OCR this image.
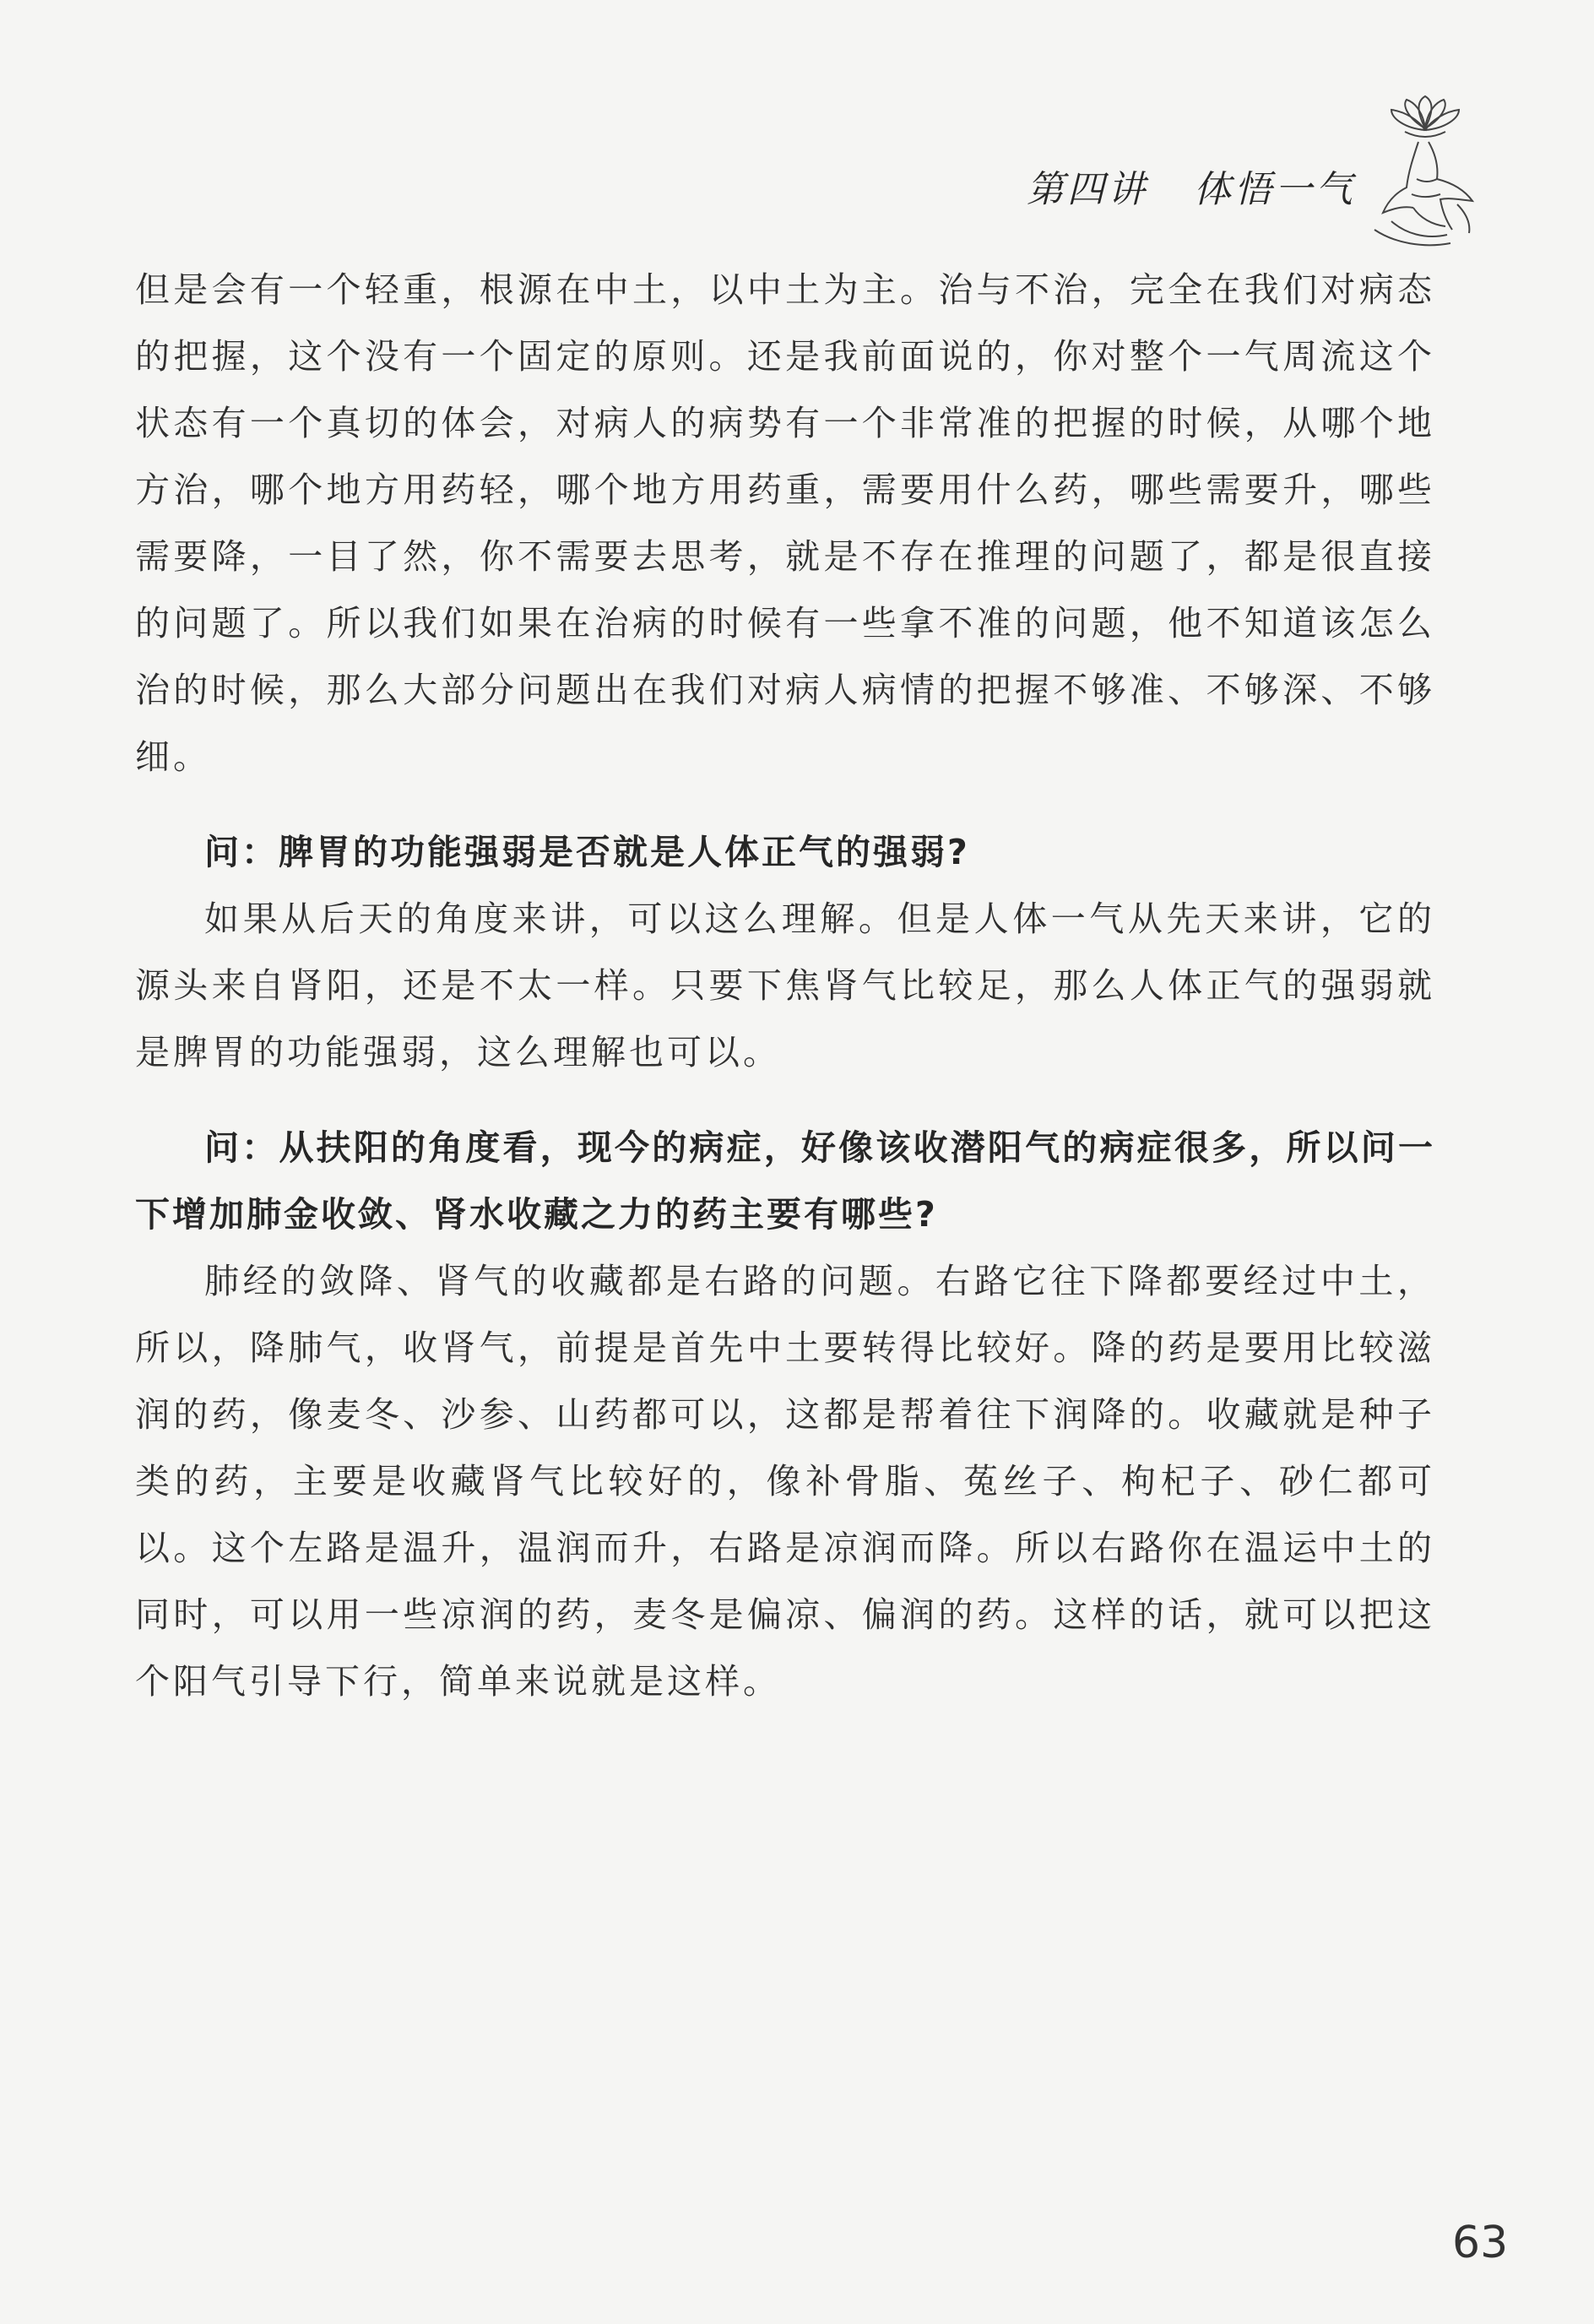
第四讲 体悟一气

但是会有一个轻重，根源在中土，以中土为主。治与不治，完全在我们对病态的把握，这个没有一个固定的原则。还是我前面说的，你对整个一气周流这个状态有一个真切的体会，对病人的病势有一个非常准的把握的时候，从哪个地方治，哪个地方用药轻，哪个地方用药重，需要用什么药，哪些需要升，哪些需要降，一目了然，你不需要去思考，就是不存在推理的问题了，都是很直接的问题了。所以我们如果在治病的时候有一些拿不准的问题，他不知道该怎么治的时候，那么大部分问题出在我们对病人病情的把握不够准、不够深、不够细。

问：脾胃的功能强弱是否就是人体正气的强弱?

如果从后天的角度来讲，可以这么理解。但是人体一气从先天来讲，它的源头来自肾阳，还是不太一样。只要下焦肾气比较足，那么人体正气的强弱就是脾胃的功能强弱，这么理解也可以。

问：从扶阳的角度看，现今的病症，好像该收潜阳气的病症很多，所以问一下增加肺金收敛、肾水收藏之力的药主要有哪些?

肺经的敛降、肾气的收藏都是右路的问题。右路它往下降都要经过中土，所以，降肺气，收肾气，前提是首先中土要转得比较好。降的药是要用比较滋润的药，像麦冬、沙参、山药都可以，这都是帮着往下润降的。收藏就是种子类的药，主要是收藏肾气比较好的，像补骨脂、菟丝子、枸杞子、砂仁都可以。这个左路是温升，温润而升，右路是凉润而降。所以右路你在温运中土的同时，可以用一些凉润的药，麦冬是偏凉、偏润的药。这样的话，就可以把这个阳气引导下行，简单来说就是这样。

63
